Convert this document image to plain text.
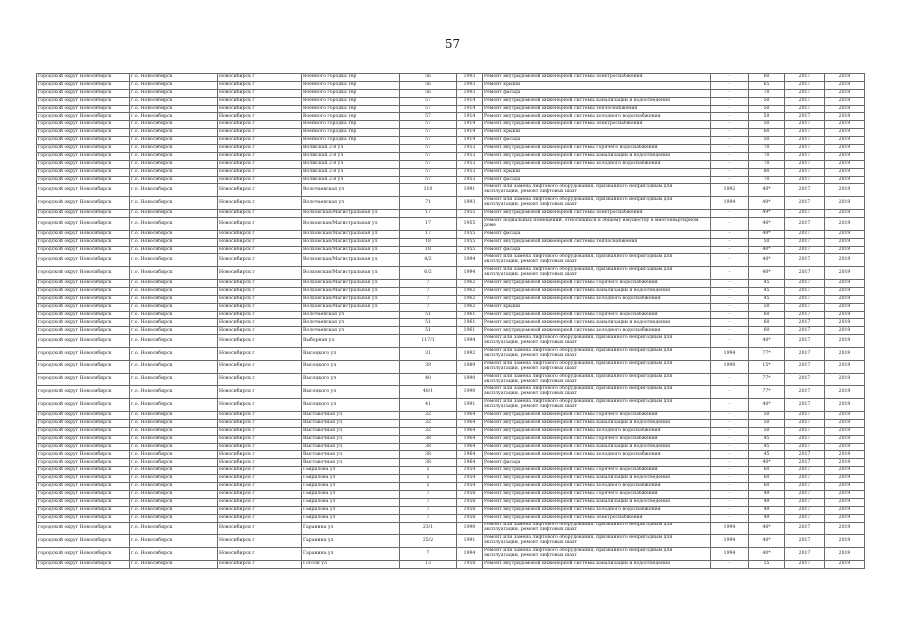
57
городской округ Новосибирск	г.о. Новосибирск	Новосибирск г	Военного городка тер	56	1903	Ремонт внутридомовой инженерной системы электроснабжения	-	60	2017	2019
городской округ Новосибирск	г.о. Новосибирск	Новосибирск г	Военного городка тер	56	1903	Ремонт крыши	-	65	2017	2019
городской округ Новосибирск	г.о. Новосибирск	Новосибирск г	Военного городка тер	56	1903	Ремонт фасада	-	70	2017	2019
городской округ Новосибирск	г.о. Новосибирск	Новосибирск г	Военного городка тер	57	1914	Ремонт внутридомовой инженерной системы канализации и водоотведения	-	50	2017	2019
городской округ Новосибирск	г.о. Новосибирск	Новосибирск г	Военного городка тер	57	1914	Ремонт внутридомовой инженерной системы теплоснабжения	-	50	2017	2019
городской округ Новосибирск	г.о. Новосибирск	Новосибирск г	Военного городка тер	57	1914	Ремонт внутридомовой инженерной системы холодного водоснабжения	-	50	2017	2019
городской округ Новосибирск	г.о. Новосибирск	Новосибирск г	Военного городка тер	57	1914	Ремонт внутридомовой инженерной системы электроснабжения	-	50	2017	2019
городской округ Новосибирск	г.о. Новосибирск	Новосибирск г	Военного городка тер	57	1914	Ремонт крыши	-	60	2017	2019
городской округ Новосибирск	г.о. Новосибирск	Новосибирск г	Военного городка тер	57	1914	Ремонт фасада	-	50	2017	2019
городской округ Новосибирск	г.о. Новосибирск	Новосибирск г	Волжская 2-я ул	57	1953	Ремонт внутридомовой инженерной системы горячего водоснабжения	-	70	2017	2019
городской округ Новосибирск	г.о. Новосибирск	Новосибирск г	Волжская 2-я ул	57	1953	Ремонт внутридомовой инженерной системы канализации и водоотведения	-	70	2017	2019
городской округ Новосибирск	г.о. Новосибирск	Новосибирск г	Волжская 2-я ул	57	1953	Ремонт внутридомовой инженерной системы холодного водоснабжения	-	70	2017	2019
городской округ Новосибирск	г.о. Новосибирск	Новосибирск г	Волжская 2-я ул	57	1953	Ремонт крыши	-	80	2017	2019
городской округ Новосибирск	г.о. Новосибирск	Новосибирск г	Волжская 2-я ул	57	1953	Ремонт фасада	-	70	2017	2019
городской округ Новосибирск	г.о. Новосибирск	Новосибирск г	Волочаевская ул	110	1991	Ремонт или замена лифтового оборудования, признанного непригодным для эксплуатации, ремонт лифтовых шахт	1992	40*	2017	2019
городской округ Новосибирск	г.о. Новосибирск	Новосибирск г	Волочаевская ул	71	1993	Ремонт или замена лифтового оборудования, признанного непригодным для эксплуатации, ремонт лифтовых шахт	1994	40*	2017	2019
городской округ Новосибирск	г.о. Новосибирск	Новосибирск г	Волховская/Магистральная ул	17	1955	Ремонт внутридомовой инженерной системы электроснабжения	-	49*	2017	2019
городской округ Новосибирск	г.о. Новосибирск	Новосибирск г	Волховская/Магистральная ул	17	1955	Ремонт подвальных помещений, относящихся к общему имуществу в многоквартирном доме	-	40*	2017	2019
городской округ Новосибирск	г.о. Новосибирск	Новосибирск г	Волховская/Магистральная ул	17	1955	Ремонт фасада	-	40*	2017	2019
городской округ Новосибирск	г.о. Новосибирск	Новосибирск г	Волховская/Магистральная ул	18	1955	Ремонт внутридомовой инженерной системы теплоснабжения	-	50	2017	2019
городской округ Новосибирск	г.о. Новосибирск	Новосибирск г	Волховская/Магистральная ул	18	1955	Ремонт фасада	-	40*	2017	2019
городской округ Новосибирск	г.о. Новосибирск	Новосибирск г	Волховская/Магистральная ул	4/2	1994	Ремонт или замена лифтового оборудования, признанного непригодным для эксплуатации, ремонт лифтовых шахт	-	40*	2017	2019
городской округ Новосибирск	г.о. Новосибирск	Новосибирск г	Волховская/Магистральная ул	6/2	1994	Ремонт или замена лифтового оборудования, признанного непригодным для эксплуатации, ремонт лифтовых шахт	-	40*	2017	2019
городской округ Новосибирск	г.о. Новосибирск	Новосибирск г	Волховская/Магистральная ул	7	1962	Ремонт внутридомовой инженерной системы горячего водоснабжения	-	45	2017	2019
городской округ Новосибирск	г.о. Новосибирск	Новосибирск г	Волховская/Магистральная ул	7	1962	Ремонт внутридомовой инженерной системы канализации и водоотведения	-	45	2017	2019
городской округ Новосибирск	г.о. Новосибирск	Новосибирск г	Волховская/Магистральная ул	7	1962	Ремонт внутридомовой инженерной системы холодного водоснабжения	-	45	2017	2019
городской округ Новосибирск	г.о. Новосибирск	Новосибирск г	Волховская/Магистральная ул	7	1962	Ремонт крыши	-	50	2017	2019
городской округ Новосибирск	г.о. Новосибирск	Новосибирск г	Волочаевская ул	51	1961	Ремонт внутридомовой инженерной системы горячего водоснабжения	-	60	2017	2019
городской округ Новосибирск	г.о. Новосибирск	Новосибирск г	Волочаевская ул	51	1961	Ремонт внутридомовой инженерной системы канализации и водоотведения	-	60	2017	2019
городской округ Новосибирск	г.о. Новосибирск	Новосибирск г	Волочаевская ул	51	1961	Ремонт внутридомовой инженерной системы холодного водоснабжения	-	60	2017	2019
городской округ Новосибирск	г.о. Новосибирск	Новосибирск г	Выборная ул	117/1	1994	Ремонт или замена лифтового оборудования, признанного непригодным для эксплуатации, ремонт лифтовых шахт	-	40*	2017	2019
городской округ Новосибирск	г.о. Новосибирск	Новосибирск г	Высоцкого ул	31	1992	Ремонт или замена лифтового оборудования, признанного непригодным для эксплуатации, ремонт лифтовых шахт	1994	77*	2017	2019
городской округ Новосибирск	г.о. Новосибирск	Новосибирск г	Высоцкого ул	39	1989	Ремонт или замена лифтового оборудования, признанного непригодным для эксплуатации, ремонт лифтовых шахт	1990	15*	2017	2019
городской округ Новосибирск	г.о. Новосибирск	Новосибирск г	Высоцкого ул	40	1990	Ремонт или замена лифтового оборудования, признанного непригодным для эксплуатации, ремонт лифтовых шахт	-	77*	2017	2019
городской округ Новосибирск	г.о. Новосибирск	Новосибирск г	Высоцкого ул	40/1	1990	Ремонт или замена лифтового оборудования, признанного непригодным для эксплуатации, ремонт лифтовых шахт	-	77*	2017	2019
городской округ Новосибирск	г.о. Новосибирск	Новосибирск г	Высоцкого ул	41	1991	Ремонт или замена лифтового оборудования, признанного непригодным для эксплуатации, ремонт лифтовых шахт	-	40*	2017	2019
городской округ Новосибирск	г.о. Новосибирск	Новосибирск г	Выставочная ул	32	1964	Ремонт внутридомовой инженерной системы горячего водоснабжения	-	50	2017	2019
городской округ Новосибирск	г.о. Новосибирск	Новосибирск г	Выставочная ул	32	1964	Ремонт внутридомовой инженерной системы канализации и водоотведения	-	50	2017	2019
городской округ Новосибирск	г.о. Новосибирск	Новосибирск г	Выставочная ул	32	1964	Ремонт внутридомовой инженерной системы холодного водоснабжения	-	50	2017	2019
городской округ Новосибирск	г.о. Новосибирск	Новосибирск г	Выставочная ул	38	1964	Ремонт внутридомовой инженерной системы горячего водоснабжения	-	45	2017	2019
городской округ Новосибирск	г.о. Новосибирск	Новосибирск г	Выставочная ул	38	1964	Ремонт внутридомовой инженерной системы канализации и водоотведения	-	45	2017	2019
городской округ Новосибирск	г.о. Новосибирск	Новосибирск г	Выставочная ул	38	1964	Ремонт внутридомовой инженерной системы холодного водоснабжения	-	45	2017	2019
городской округ Новосибирск	г.о. Новосибирск	Новосибирск г	Выставочная ул	38	1964	Ремонт фасада	-	40*	2017	2019
городской округ Новосибирск	г.о. Новосибирск	Новосибирск г	Гаврилова ул	5	1954	Ремонт внутридомовой инженерной системы горячего водоснабжения	-	60	2017	2019
городской округ Новосибирск	г.о. Новосибирск	Новосибирск г	Гаврилова ул	5	1954	Ремонт внутридомовой инженерной системы канализации и водоотведения	-	60	2017	2019
городской округ Новосибирск	г.о. Новосибирск	Новосибирск г	Гаврилова ул	5	1954	Ремонт внутридомовой инженерной системы холодного водоснабжения	-	60	2017	2019
городской округ Новосибирск	г.о. Новосибирск	Новосибирск г	Гаврилова ул	7	1958	Ремонт внутридомовой инженерной системы горячего водоснабжения	-	49	2017	2019
городской округ Новосибирск	г.о. Новосибирск	Новосибирск г	Гаврилова ул	7	1958	Ремонт внутридомовой инженерной системы канализации и водоотведения	-	49	2017	2019
городской округ Новосибирск	г.о. Новосибирск	Новосибирск г	Гаврилова ул	7	1958	Ремонт внутридомовой инженерной системы холодного водоснабжения	-	49	2017	2019
городской округ Новосибирск	г.о. Новосибирск	Новосибирск г	Гаврилова ул	7	1958	Ремонт внутридомовой инженерной системы электроснабжения	-	49	2017	2019
городской округ Новосибирск	г.о. Новосибирск	Новосибирск г	Гаранина ул	23/1	1990	Ремонт или замена лифтового оборудования, признанного непригодным для эксплуатации, ремонт лифтовых шахт	1994	40*	2017	2019
городской округ Новосибирск	г.о. Новосибирск	Новосибирск г	Гаранина ул	25/2	1991	Ремонт или замена лифтового оборудования, признанного непригодным для эксплуатации, ремонт лифтовых шахт	1994	40*	2017	2019
городской округ Новосибирск	г.о. Новосибирск	Новосибирск г	Гаранина ул	7	1994	Ремонт или замена лифтового оборудования, признанного непригодным для эксплуатации, ремонт лифтовых шахт	1994	40*	2017	2019
городской округ Новосибирск	г.о. Новосибирск	Новосибирск г	Гоголя ул	13	1958	Ремонт внутридомовой инженерной системы канализации и водоотведения	-	55	2017	2019
